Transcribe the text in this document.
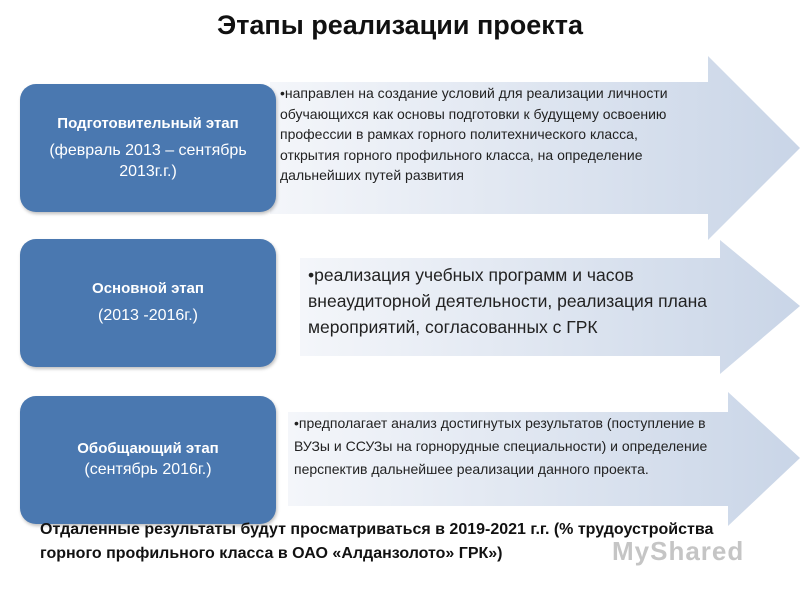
Этапы реализации проекта
Подготовительный этап
(февраль 2013 – сентябрь 2013г.г.)
•направлен на создание условий для реализации личности обучающихся как основы подготовки к будущему освоению профессии в рамках горного политехнического класса, открытия горного профильного класса, на определение дальнейших путей развития
Основной этап
(2013 -2016г.)
•реализация учебных программ и часов внеаудиторной деятельности, реализация плана мероприятий, согласованных с ГРК
Обобщающий этап
(сентябрь 2016г.)
•предполагает анализ достигнутых результатов (поступление в ВУЗы и ССУЗы на горнорудные специальности) и определение перспектив дальнейшее реализации данного проекта.
Отдаленные результаты будут просматриваться в 2019-2021 г.г. (% трудоустройства горного профильного класса в ОАО «Алданзолото» ГРК»)	MyShared
